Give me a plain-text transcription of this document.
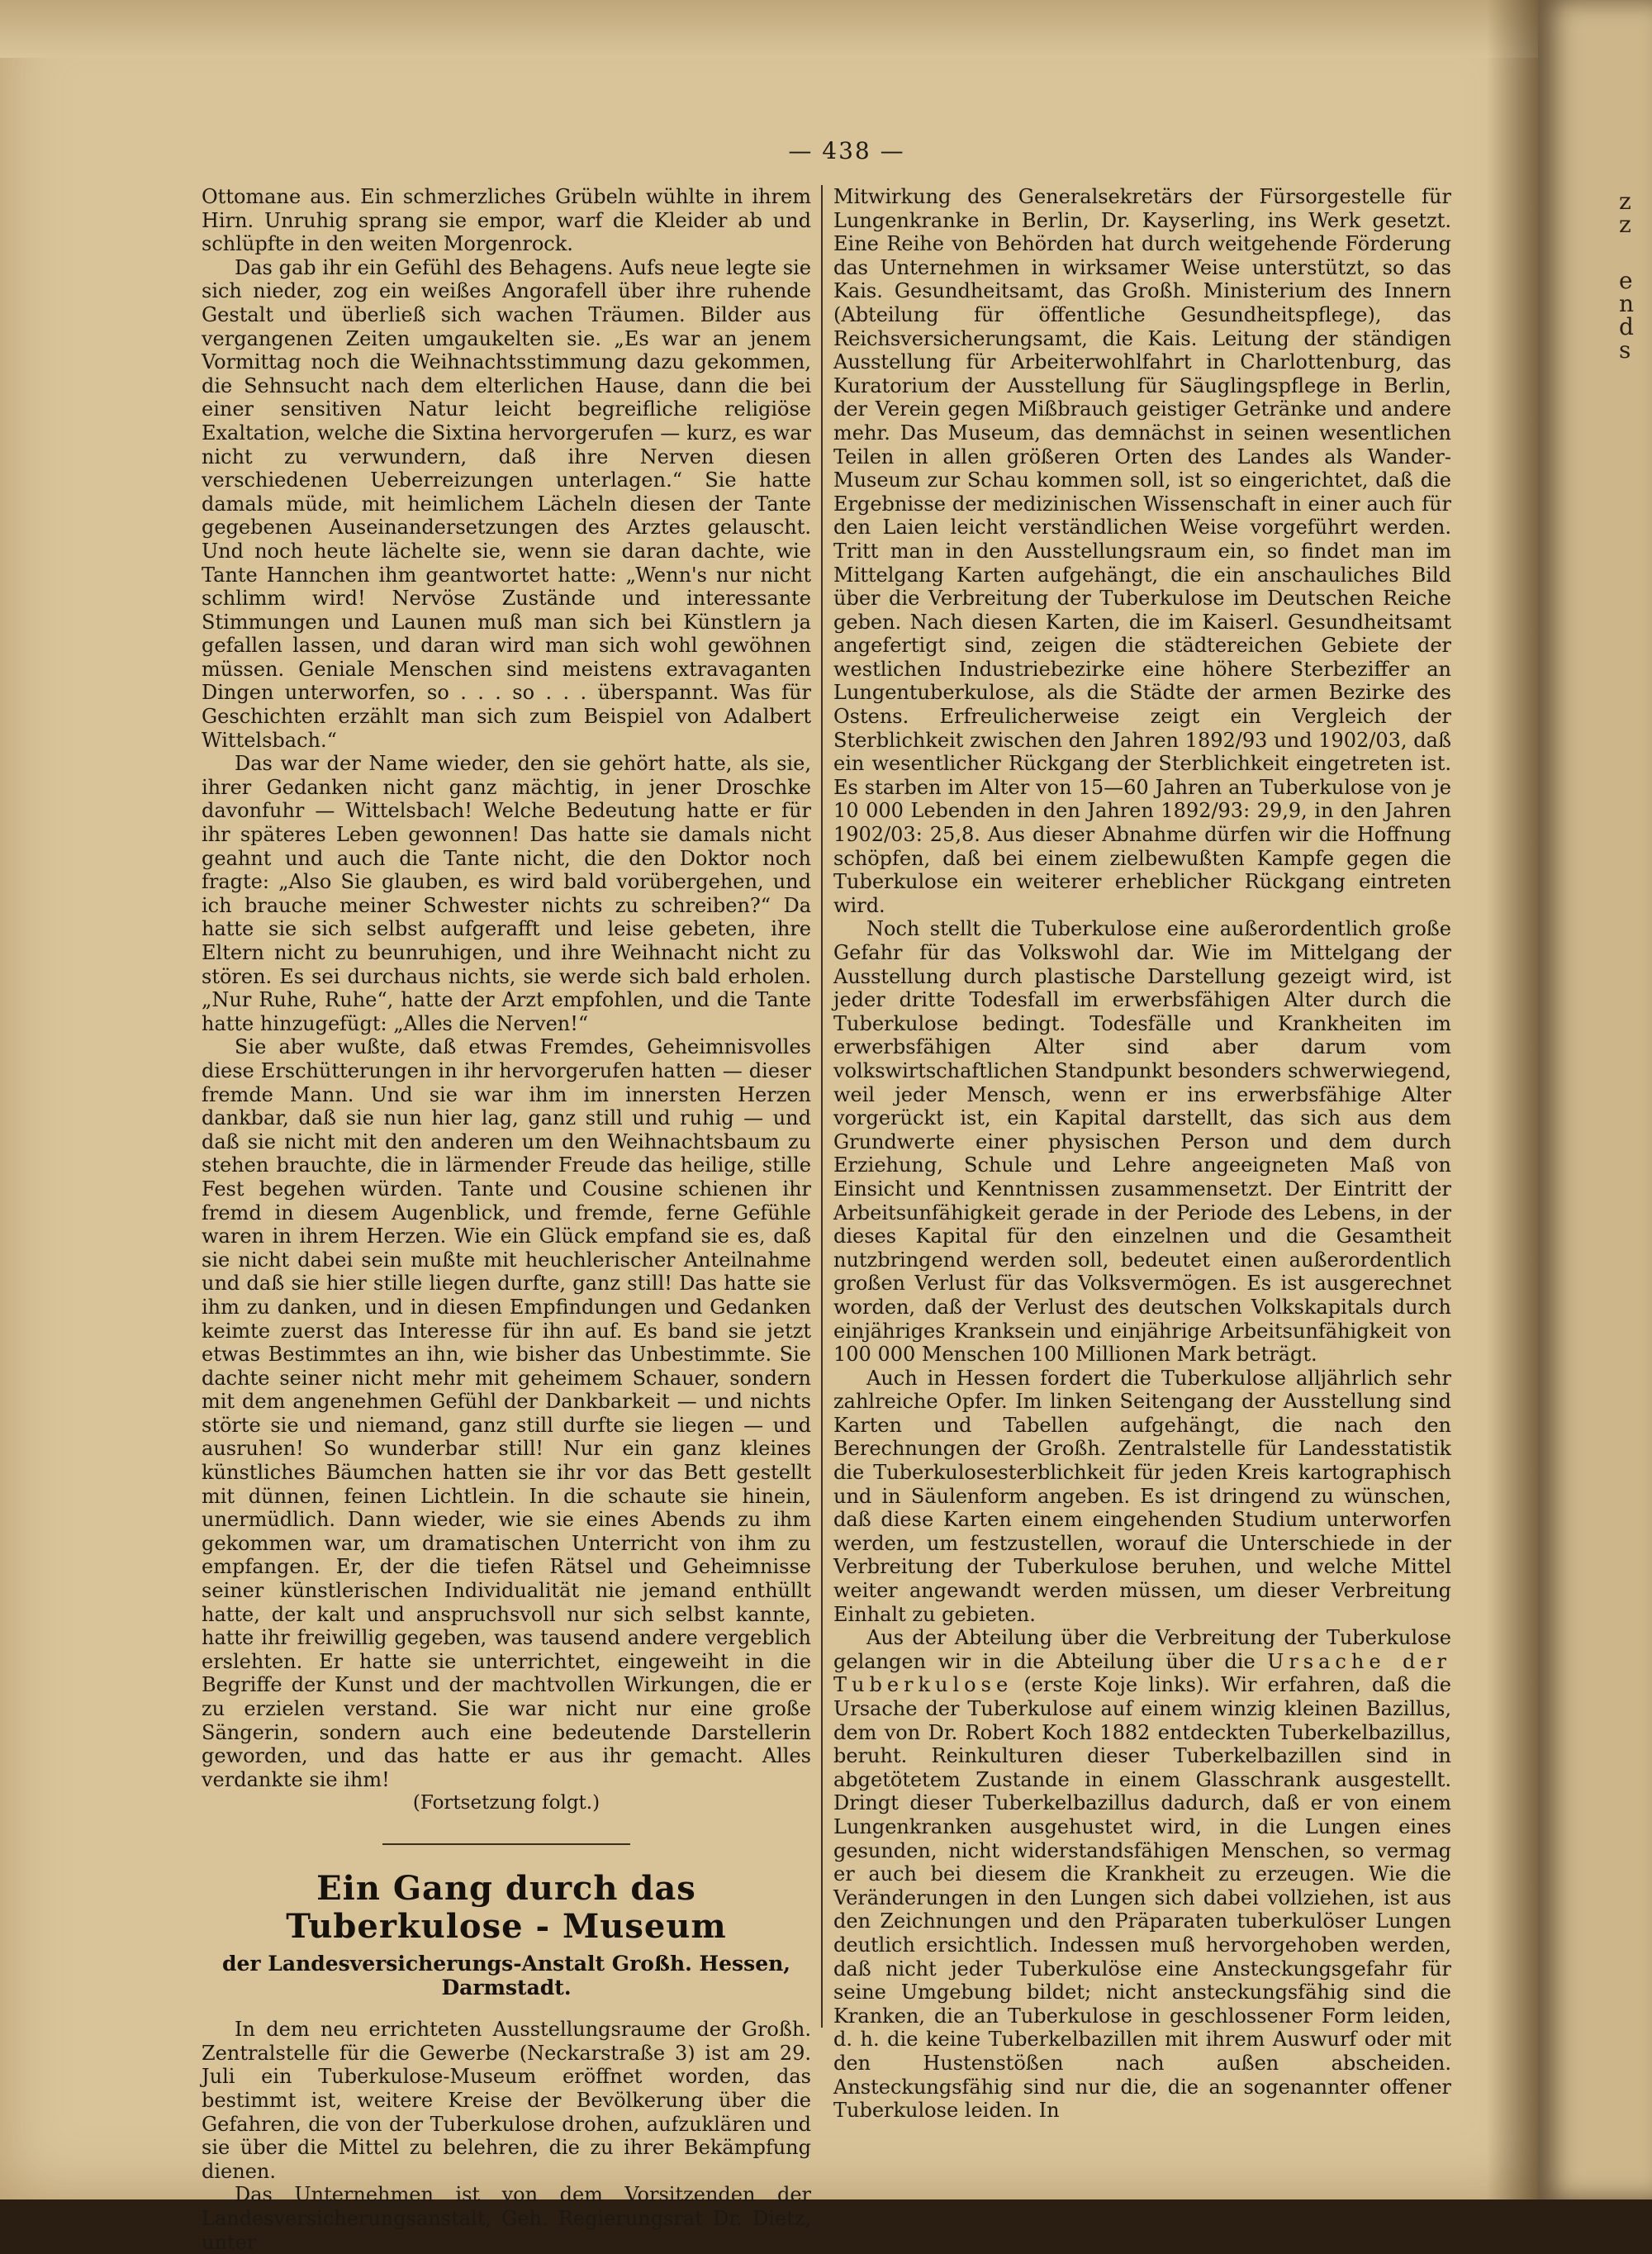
— 438 —

Ottomane aus. Ein schmerzliches Grübeln wühlte in ihrem Hirn. Unruhig sprang sie empor, warf die Kleider ab und schlüpfte in den weiten Morgenrock.

Das gab ihr ein Gefühl des Behagens. Aufs neue legte sie sich nieder, zog ein weißes Angorafell über ihre ruhende Gestalt und überließ sich wachen Träumen. Bilder aus vergangenen Zeiten umgaukelten sie. „Es war an jenem Vormittag noch die Weihnachtsstimmung dazu gekommen, die Sehnsucht nach dem elterlichen Hause, dann die bei einer sensitiven Natur leicht begreifliche religiöse Exaltation, welche die Sixtina hervorgerufen — kurz, es war nicht zu verwundern, daß ihre Nerven diesen verschiedenen Ueberreizungen unterlagen.“ Sie hatte damals müde, mit heimlichem Lächeln diesen der Tante gegebenen Auseinandersetzungen des Arztes gelauscht. Und noch heute lächelte sie, wenn sie daran dachte, wie Tante Hannchen ihm geantwortet hatte: „Wenn's nur nicht schlimm wird! Nervöse Zustände und interessante Stimmungen und Launen muß man sich bei Künstlern ja gefallen lassen, und daran wird man sich wohl gewöhnen müssen. Geniale Menschen sind meistens extravaganten Dingen unterworfen, so . . . so . . . überspannt. Was für Geschichten erzählt man sich zum Beispiel von Adalbert Wittelsbach.“

Das war der Name wieder, den sie gehört hatte, als sie, ihrer Gedanken nicht ganz mächtig, in jener Droschke davonfuhr — Wittelsbach! Welche Bedeutung hatte er für ihr späteres Leben gewonnen! Das hatte sie damals nicht geahnt und auch die Tante nicht, die den Doktor noch fragte: „Also Sie glauben, es wird bald vorübergehen, und ich brauche meiner Schwester nichts zu schreiben?“ Da hatte sie sich selbst aufgerafft und leise gebeten, ihre Eltern nicht zu beunruhigen, und ihre Weihnacht nicht zu stören. Es sei durchaus nichts, sie werde sich bald erholen. „Nur Ruhe, Ruhe“, hatte der Arzt empfohlen, und die Tante hatte hinzugefügt: „Alles die Nerven!“

Sie aber wußte, daß etwas Fremdes, Geheimnisvolles diese Erschütterungen in ihr hervorgerufen hatten — dieser fremde Mann. Und sie war ihm im innersten Herzen dankbar, daß sie nun hier lag, ganz still und ruhig — und daß sie nicht mit den anderen um den Weihnachtsbaum zu stehen brauchte, die in lärmender Freude das heilige, stille Fest begehen würden. Tante und Cousine schienen ihr fremd in diesem Augenblick, und fremde, ferne Gefühle waren in ihrem Herzen. Wie ein Glück empfand sie es, daß sie nicht dabei sein mußte mit heuchlerischer Anteilnahme und daß sie hier stille liegen durfte, ganz still! Das hatte sie ihm zu danken, und in diesen Empfindungen und Gedanken keimte zuerst das Interesse für ihn auf. Es band sie jetzt etwas Bestimmtes an ihn, wie bisher das Unbestimmte. Sie dachte seiner nicht mehr mit geheimem Schauer, sondern mit dem angenehmen Gefühl der Dankbarkeit — und nichts störte sie und niemand, ganz still durfte sie liegen — und ausruhen! So wunderbar still! Nur ein ganz kleines künstliches Bäumchen hatten sie ihr vor das Bett gestellt mit dünnen, feinen Lichtlein. In die schaute sie hinein, unermüdlich. Dann wieder, wie sie eines Abends zu ihm gekommen war, um dramatischen Unterricht von ihm zu empfangen. Er, der die tiefen Rätsel und Geheimnisse seiner künstlerischen Individualität nie jemand enthüllt hatte, der kalt und anspruchsvoll nur sich selbst kannte, hatte ihr freiwillig gegeben, was tausend andere vergeblich erslehten. Er hatte sie unterrichtet, eingeweiht in die Begriffe der Kunst und der machtvollen Wirkungen, die er zu erzielen verstand. Sie war nicht nur eine große Sängerin, sondern auch eine bedeutende Darstellerin geworden, und das hatte er aus ihr gemacht. Alles verdankte sie ihm!

(Fortsetzung folgt.)

Ein Gang durch das Tuberkulose - Museum
der Landesversicherungs-Anstalt Großh. Hessen, Darmstadt.

In dem neu errichteten Ausstellungsraume der Großh. Zentralstelle für die Gewerbe (Neckarstraße 3) ist am 29. Juli ein Tuberkulose-Museum eröffnet worden, das bestimmt ist, weitere Kreise der Bevölkerung über die Gefahren, die von der Tuberkulose drohen, aufzuklären und sie über die Mittel zu belehren, die zu ihrer Bekämpfung dienen.

Das Unternehmen ist von dem Vorsitzenden der Landesversicherungsanstalt, Geh. Regierungsrat Dr. Dietz, unter

Mitwirkung des Generalsekretärs der Fürsorgestelle für Lungenkranke in Berlin, Dr. Kayserling, ins Werk gesetzt. Eine Reihe von Behörden hat durch weitgehende Förderung das Unternehmen in wirksamer Weise unterstützt, so das Kais. Gesundheitsamt, das Großh. Ministerium des Innern (Abteilung für öffentliche Gesundheitspflege), das Reichsversicherungsamt, die Kais. Leitung der ständigen Ausstellung für Arbeiterwohlfahrt in Charlottenburg, das Kuratorium der Ausstellung für Säuglingspflege in Berlin, der Verein gegen Mißbrauch geistiger Getränke und andere mehr. Das Museum, das demnächst in seinen wesentlichen Teilen in allen größeren Orten des Landes als Wander-Museum zur Schau kommen soll, ist so eingerichtet, daß die Ergebnisse der medizinischen Wissenschaft in einer auch für den Laien leicht verständlichen Weise vorgeführt werden. Tritt man in den Ausstellungsraum ein, so findet man im Mittelgang Karten aufgehängt, die ein anschauliches Bild über die Verbreitung der Tuberkulose im Deutschen Reiche geben. Nach diesen Karten, die im Kaiserl. Gesundheitsamt angefertigt sind, zeigen die städtereichen Gebiete der westlichen Industriebezirke eine höhere Sterbeziffer an Lungentuberkulose, als die Städte der armen Bezirke des Ostens. Erfreulicherweise zeigt ein Vergleich der Sterblichkeit zwischen den Jahren 1892/93 und 1902/03, daß ein wesentlicher Rückgang der Sterblichkeit eingetreten ist. Es starben im Alter von 15—60 Jahren an Tuberkulose von je 10 000 Lebenden in den Jahren 1892/93: 29,9, in den Jahren 1902/03: 25,8. Aus dieser Abnahme dürfen wir die Hoffnung schöpfen, daß bei einem zielbewußten Kampfe gegen die Tuberkulose ein weiterer erheblicher Rückgang eintreten wird.

Noch stellt die Tuberkulose eine außerordentlich große Gefahr für das Volkswohl dar. Wie im Mittelgang der Ausstellung durch plastische Darstellung gezeigt wird, ist jeder dritte Todesfall im erwerbsfähigen Alter durch die Tuberkulose bedingt. Todesfälle und Krankheiten im erwerbsfähigen Alter sind aber darum vom volkswirtschaftlichen Standpunkt besonders schwerwiegend, weil jeder Mensch, wenn er ins erwerbsfähige Alter vorgerückt ist, ein Kapital darstellt, das sich aus dem Grundwerte einer physischen Person und dem durch Erziehung, Schule und Lehre angeeigneten Maß von Einsicht und Kenntnissen zusammensetzt. Der Eintritt der Arbeitsunfähigkeit gerade in der Periode des Lebens, in der dieses Kapital für den einzelnen und die Gesamtheit nutzbringend werden soll, bedeutet einen außerordentlich großen Verlust für das Volksvermögen. Es ist ausgerechnet worden, daß der Verlust des deutschen Volkskapitals durch einjähriges Kranksein und einjährige Arbeitsunfähigkeit von 100 000 Menschen 100 Millionen Mark beträgt.

Auch in Hessen fordert die Tuberkulose alljährlich sehr zahlreiche Opfer. Im linken Seitengang der Ausstellung sind Karten und Tabellen aufgehängt, die nach den Berechnungen der Großh. Zentralstelle für Landesstatistik die Tuberkulosesterblichkeit für jeden Kreis kartographisch und in Säulenform angeben. Es ist dringend zu wünschen, daß diese Karten einem eingehenden Studium unterworfen werden, um festzustellen, worauf die Unterschiede in der Verbreitung der Tuberkulose beruhen, und welche Mittel weiter angewandt werden müssen, um dieser Verbreitung Einhalt zu gebieten.

Aus der Abteilung über die Verbreitung der Tuberkulose gelangen wir in die Abteilung über die Ursache der Tuberkulose (erste Koje links). Wir erfahren, daß die Ursache der Tuberkulose auf einem winzig kleinen Bazillus, dem von Dr. Robert Koch 1882 entdeckten Tuberkelbazillus, beruht. Reinkulturen dieser Tuberkelbazillen sind in abgetötetem Zustande in einem Glasschrank ausgestellt. Dringt dieser Tuberkelbazillus dadurch, daß er von einem Lungenkranken ausgehustet wird, in die Lungen eines gesunden, nicht widerstandsfähigen Menschen, so vermag er auch bei diesem die Krankheit zu erzeugen. Wie die Veränderungen in den Lungen sich dabei vollziehen, ist aus den Zeichnungen und den Präparaten tuberkulöser Lungen deutlich ersichtlich. Indessen muß hervorgehoben werden, daß nicht jeder Tuberkulöse eine Ansteckungsgefahr für seine Umgebung bildet; nicht ansteckungsfähig sind die Kranken, die an Tuberkulose in geschlossener Form leiden, d. h. die keine Tuberkelbazillen mit ihrem Auswurf oder mit den Hustenstößen nach außen abscheiden. Ansteckungsfähig sind nur die, die an sogenannter offener Tuberkulose leiden. In

z
z
e
n
d
s
